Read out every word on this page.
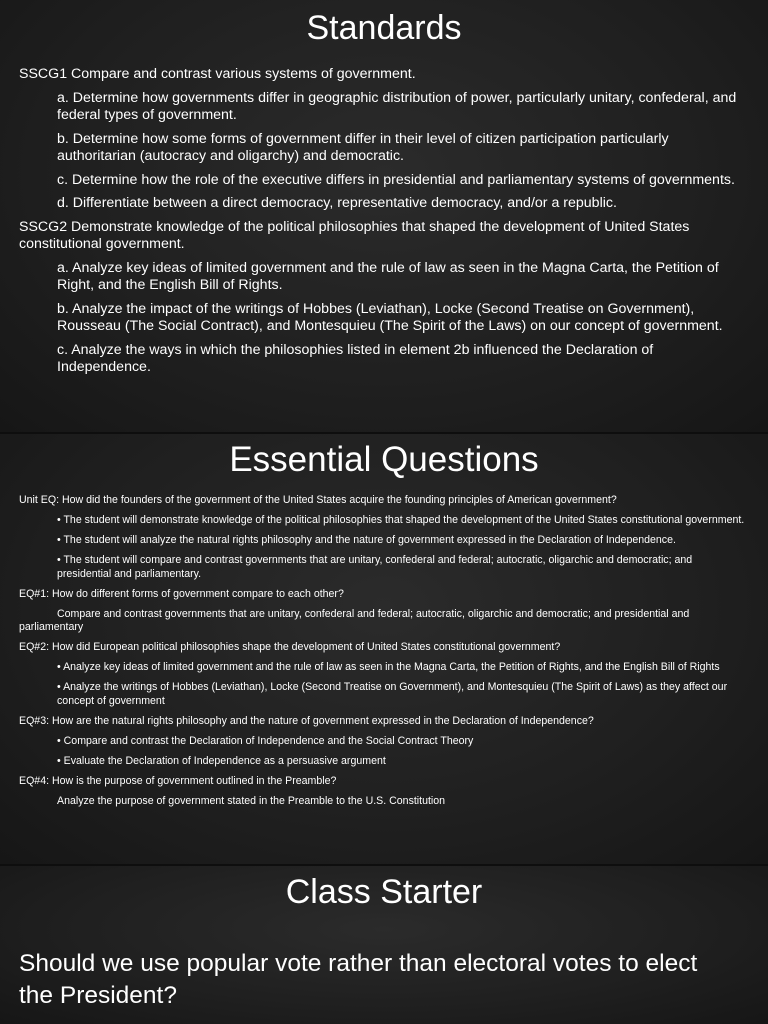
Standards

SSCG1 Compare and contrast various systems of government.

a. Determine how governments differ in geographic distribution of power, particularly unitary, confederal, and federal types of government.

b. Determine how some forms of government differ in their level of citizen participation particularly authoritarian (autocracy and oligarchy) and democratic.

c. Determine how the role of the executive differs in presidential and parliamentary systems of governments.

d. Differentiate between a direct democracy, representative democracy, and/or a republic.

SSCG2 Demonstrate knowledge of the political philosophies that shaped the development of United States constitutional government.

a. Analyze key ideas of limited government and the rule of law as seen in the Magna Carta, the Petition of Right, and the English Bill of Rights.

b. Analyze the impact of the writings of Hobbes (Leviathan), Locke (Second Treatise on Government), Rousseau (The Social Contract), and Montesquieu (The Spirit of the Laws) on our concept of government.

c. Analyze the ways in which the philosophies listed in element 2b influenced the Declaration of Independence.

Essential Questions

Unit EQ: How did the founders of the government of the United States acquire the founding principles of American government?

• The student will demonstrate knowledge of the political philosophies that shaped the development of the United States constitutional government.

• The student will analyze the natural rights philosophy and the nature of government expressed in the Declaration of Independence.

• The student will compare and contrast governments that are unitary, confederal and federal; autocratic, oligarchic and democratic; and presidential and parliamentary.

EQ#1: How do different forms of government compare to each other?

Compare and contrast governments that are unitary, confederal and federal; autocratic, oligarchic and democratic; and presidential and parliamentary

EQ#2: How did European political philosophies shape the development of United States constitutional government?

• Analyze key ideas of limited government and the rule of law as seen in the Magna Carta, the Petition of Rights, and the English Bill of Rights

• Analyze the writings of Hobbes (Leviathan), Locke (Second Treatise on Government), and Montesquieu (The Spirit of Laws) as they affect our concept of government

EQ#3: How are the natural rights philosophy and the nature of government expressed in the Declaration of Independence?

• Compare and contrast the Declaration of Independence and the Social Contract Theory

• Evaluate the Declaration of Independence as a persuasive argument

EQ#4: How is the purpose of government outlined in the Preamble?

Analyze the purpose of government stated in the Preamble to the U.S. Constitution

Class Starter
Should we use popular vote rather than electoral votes to elect the President?
